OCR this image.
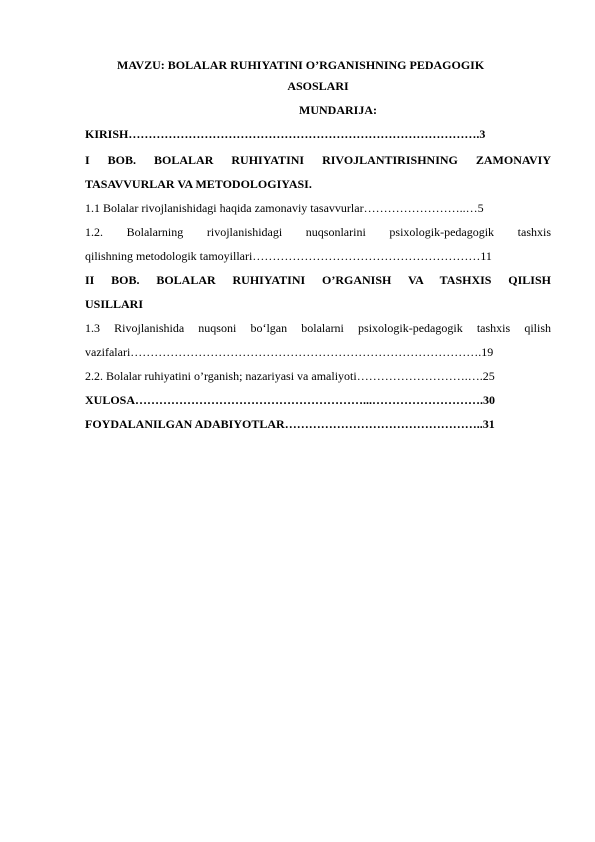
MAVZU: BOLALAR RUHIYATINI O’RGANISHNING PEDAGOGIK
ASOSLARI
MUNDARIJA:
KIRISH…………………………………………………………………………….3
I BOB. BOLALAR RUHIYATINI RIVOJLANTIRISHNING ZAMONAVIY
TASAVVURLAR VA METODOLOGIYASI.
1.1 Bolalar rivojlanishidagi haqida zamonaviy tasavvurlar……………………..…5
1.2. Bolalarning rivojlanishidagi nuqsonlarini psixologik-pedagogik tashxis
qilishning metodologik tamoyillari…………………………………………………11
II BOB. BOLALAR RUHIYATINI O’RGANISH VA TASHXIS QILISH
USILLARI
1.3 Rivojlanishida nuqsoni bo‘lgan bolalarni psixologik-pedagogik tashxis qilish
vazifalari…………………………………………………………………………….19
2.2. Bolalar ruhiyatini o’rganish; nazariyasi va amaliyoti……………………….….25
XULOSA…………………………………………………...……………………….30
FOYDALANILGAN ADABIYOTLAR…………………………………………..31
